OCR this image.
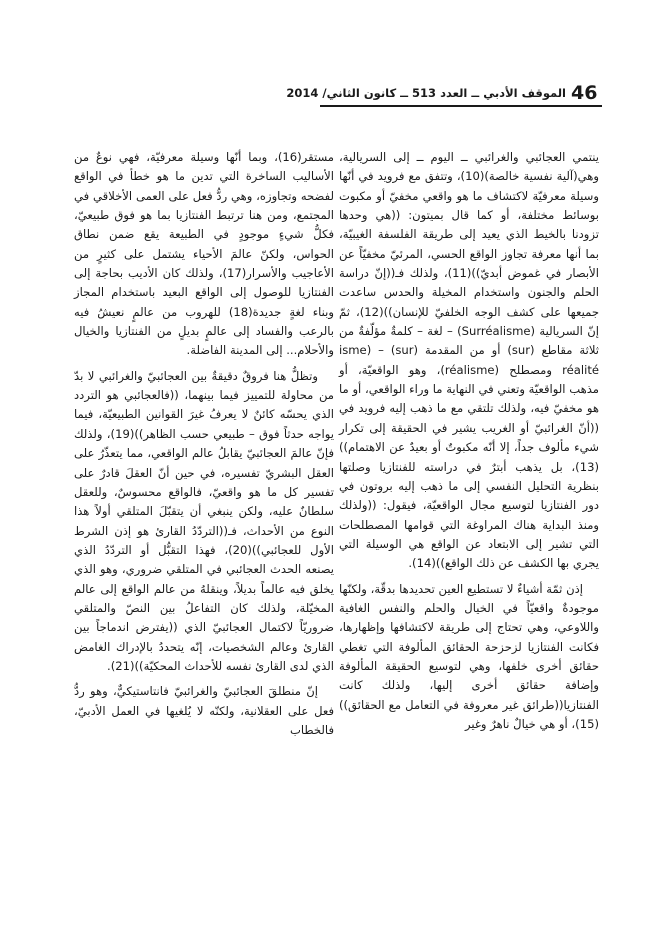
46
الموقف الأدبي ــ العدد 513 ــ كانون الثاني/ 2014

ينتمي العجائبي والغرائبي ــ اليوم ــ إلى السريالية، وهي(آلية نفسية خالصة)(10)، وتتفق مع فرويد في أنّها وسيلة معرفيّة لاكتشاف ما هو واقعي مخفيّ أو مكبوت بوسائط مختلفة، أو كما قال بميتون: ((هي وحدها تزودنا بالخيط الذي يعيد إلى طريقة الفلسفة الغيبيّة، بما أنها معرفة تجاوز الواقع الحسي، المرئيّ مخفيّاً عن الأبصار في غموض أبديّ))(11)، ولذلك فـ((إنّ دراسة الحلم والجنون واستخدام المخيلة والحدس ساعدت جميعها على كشف الوجه الخلفيّ للإنسان))(12)، ثمّ إنّ السريالية (Surréalisme) – لغة – كلمةٌ مؤلّفةٌ من ثلاثة مقاطع (sur) أو من المقدمة (sur) – isme) réalité ومصطلح (réalisme)، وهو الواقعيّة، أو مذهب الواقعيّة وتعني في النهاية ما وراء الواقعي، أو ما هو مخفيّ فيه، ولذلك تلتقي مع ما ذهب إليه فرويد في ((أنّ الغرائبيّ أو الغريب يشير في الحقيقة إلى تكرار شيء مألوف جداً، إلا أنّه مكبوتٌ أو بعيدٌ عن الاهتمام))(13)، بل يذهب أبترٌ في دراسته للفنتازيا وصلتها بنظرية التحليل النفسي إلى ما ذهب إليه بروتون في دور الفنتازيا لتوسيع مجال الواقعيّة، فيقول: ((ولذلك ومنذ البداية هناك المراوغة التي قوامها المصطلحات التي تشير إلى الابتعاد عن الواقع هي الوسيلة التي يجري بها الكشف عن ذلك الواقع))(14).

إذن ثمّة أشياءٌ لا تستطيع العين تحديدها بدقّة، ولكنّها موجودةٌ واقعيّاً في الخيال والحلم والنفس الغافية واللاوعي، وهي تحتاج إلى طريقة لاكتشافها وإظهارها، فكانت الفنتازيا لزحزحة الحقائق المألوفة التي تغطي حقائق أخرى خلفها، وهي لتوسيع الحقيقة المألوفة وإضافة حقائق أخرى إليها، ولذلك كانت الفنتازيا((طرائق غير معروفة في التعامل مع الحقائق))(15)، أو هي خيالٌ ناهرٌ وغير

مستقر(16)، وبما أنّها وسيلة معرفيّة، فهي نوعٌ من الأساليب الساخرة التي تدين ما هو خطأ في الواقع لفضحه وتجاوزه، وهي ردُّ فعل على العمى الأخلاقي في المجتمع، ومن هنا ترتبط الفنتازيا بما هو فوق طبيعيّ، فكلُّ شيءٍ موجودٍ في الطبيعة يقع ضمن نطاق الحواس، ولكنّ عالمَ الأحياء يشتمل على كثيرٍ من الأعاجيب والأسرار(17)، ولذلك كان الأديب بحاجة إلى الفنتازيا للوصول إلى الواقع البعيد باستخدام المجاز وبناء لغةٍ جديدة(18) للهروب من عالمٍ نعيشُ فيه بالرعب والفساد إلى عالمٍ بديلٍ من الفنتازيا والخيال والأحلام... إلى المدينة الفاضلة.

وتظلُّ هنا فروقٌ دقيقةٌ بين العجائبيّ والغرائبي لا بدّ من محاولة للتمييز فيما بينهما، ((فالعجائبي هو التردد الذي يحسّه كائنٌ لا يعرفُ غيرَ القوانين الطبيعيّة، فيما يواجه حدثاً فوق – طبيعي حسب الظاهر))(19)، ولذلك فإنّ عالمَ العجائبيّ يقابلُ عالم الواقعي، مما يتعذّرُ على العقل البشريّ تفسيره، في حين أنّ العقلَ قادرٌ على تفسير كل ما هو واقعيّ، فالواقع محسوسٌ، وللعقل سلطانٌ عليه، ولكن ينبغي أن يتقبّلَ المتلقي أولاً هذا النوع من الأحداث، فـ((التردّدُ القارئ هو إذن الشرط الأول للعجائبي))(20)، فهذا التقبُّل أو التردّدُ الذي يصنعه الحدث العجائبي في المتلقي ضروري، وهو الذي يخلق فيه عالماً بديلاً، وينقلهُ من عالم الواقع إلى عالم المخيّلة، ولذلك كان التفاعلُ بين النصّ والمتلقي ضروريّاً لاكتمال العجائبيّ الذي ((يفترض اندماجاً بين القارئ وعالم الشخصيات، إنّه يتحددُ بالإدراك الغامض الذي لدى القارئ نفسه للأحداث المحكيّة))(21).

إنّ منطلقَ العجائبيّ والغرائبيّ فانتاستيكيٌّ، وهو ردُّ فعل على العقلانية، ولكنّه لا يُلغيها في العمل الأدبيّ، فالخطاب
